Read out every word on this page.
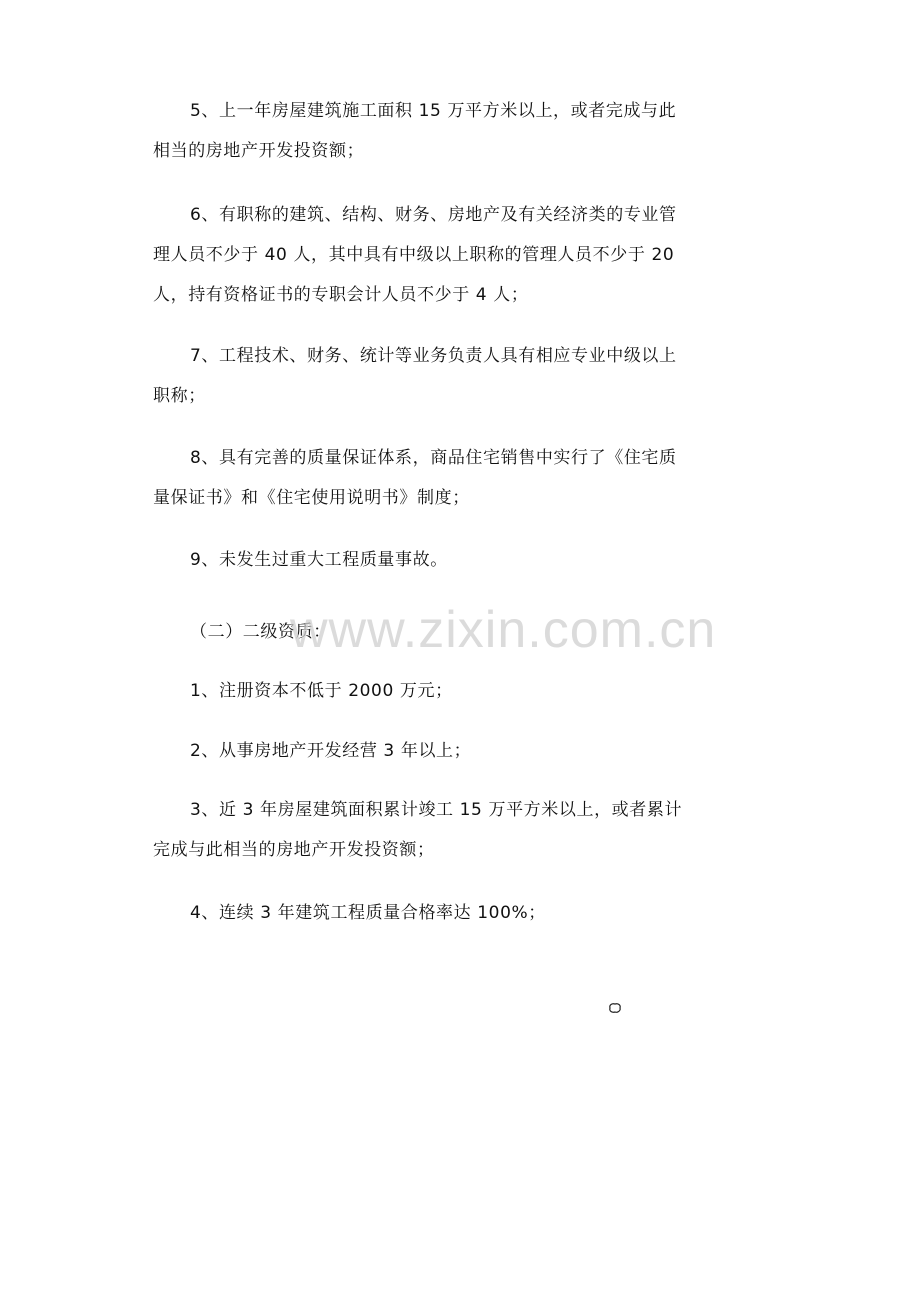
5、上一年房屋建筑施工面积 15 万平方米以上，或者完成与此
相当的房地产开发投资额；
6、有职称的建筑、结构、财务、房地产及有关经济类的专业管
理人员不少于 40 人，其中具有中级以上职称的管理人员不少于 20
人，持有资格证书的专职会计人员不少于 4 人；
7、工程技术、财务、统计等业务负责人具有相应专业中级以上
职称；
8、具有完善的质量保证体系，商品住宅销售中实行了《住宅质
量保证书》和《住宅使用说明书》制度；
9、未发生过重大工程质量事故。
（二）二级资质：
1、注册资本不低于 2000 万元；
2、从事房地产开发经营 3 年以上；
3、近 3 年房屋建筑面积累计竣工 15 万平方米以上，或者累计
完成与此相当的房地产开发投资额；
4、连续 3 年建筑工程质量合格率达 100%；
www.zixin.com.cn
